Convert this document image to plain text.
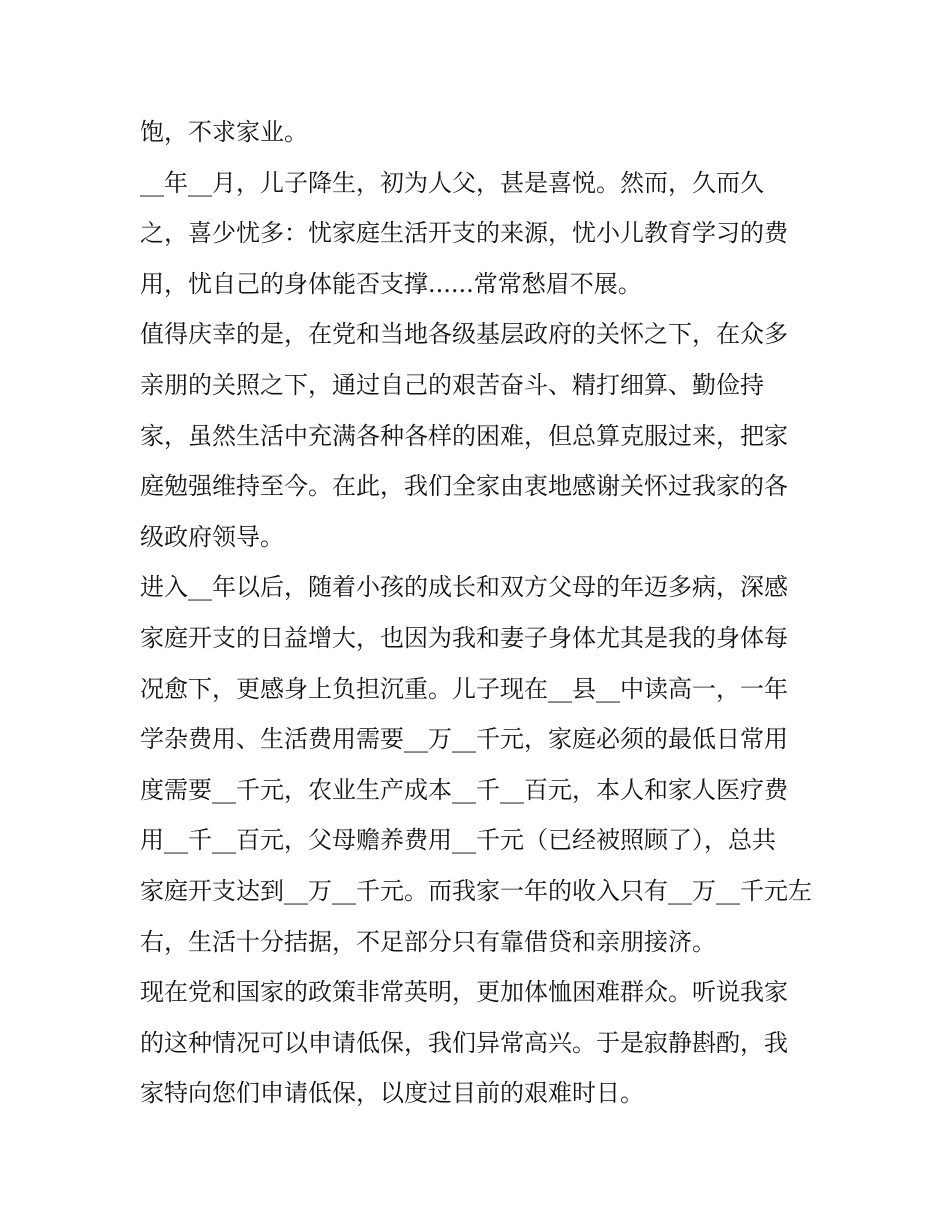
饱，不求家业。
__年__月，儿子降生，初为人父，甚是喜悦。然而，久而久
之，喜少忧多：忧家庭生活开支的来源，忧小儿教育学习的费
用，忧自己的身体能否支撑......常常愁眉不展。
值得庆幸的是，在党和当地各级基层政府的关怀之下，在众多
亲朋的关照之下，通过自己的艰苦奋斗、精打细算、勤俭持
家，虽然生活中充满各种各样的困难，但总算克服过来，把家
庭勉强维持至今。在此，我们全家由衷地感谢关怀过我家的各
级政府领导。
进入__年以后，随着小孩的成长和双方父母的年迈多病，深感
家庭开支的日益增大，也因为我和妻子身体尤其是我的身体每
况愈下，更感身上负担沉重。儿子现在__县__中读高一，一年
学杂费用、生活费用需要__万__千元，家庭必须的最低日常用
度需要__千元，农业生产成本__千__百元，本人和家人医疗费
用__千__百元，父母赡养费用__千元（已经被照顾了），总共
家庭开支达到__万__千元。而我家一年的收入只有__万__千元左
右，生活十分拮据，不足部分只有靠借贷和亲朋接济。
现在党和国家的政策非常英明，更加体恤困难群众。听说我家
的这种情况可以申请低保，我们异常高兴。于是寂静斟酌，我
家特向您们申请低保，以度过目前的艰难时日。
